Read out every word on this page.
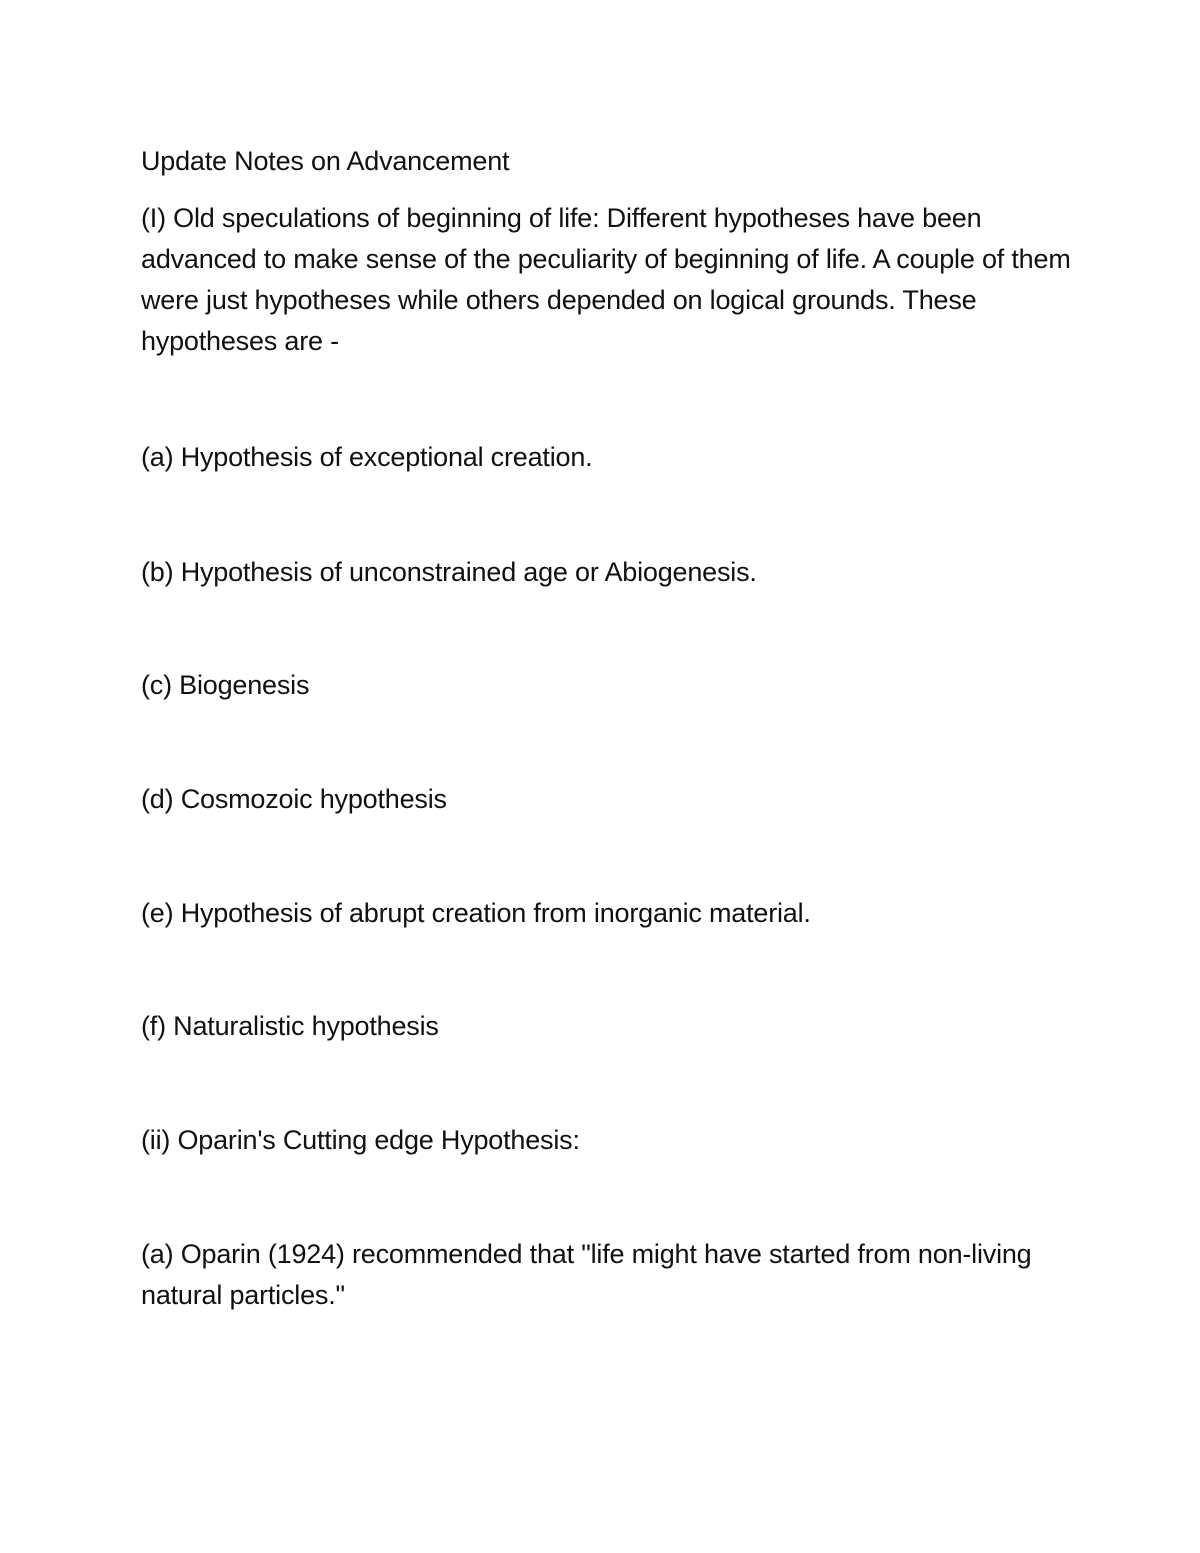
Update Notes on Advancement
(I) Old speculations of beginning of life: Different hypotheses have been advanced to make sense of the peculiarity of beginning of life. A couple of them were just hypotheses while others depended on logical grounds. These hypotheses are -
(a) Hypothesis of exceptional creation.
(b) Hypothesis of unconstrained age or Abiogenesis.
(c) Biogenesis
(d) Cosmozoic hypothesis
(e) Hypothesis of abrupt creation from inorganic material.
(f) Naturalistic hypothesis
(ii) Oparin's Cutting edge Hypothesis:
(a) Oparin (1924) recommended that "life might have started from non-living natural particles."
